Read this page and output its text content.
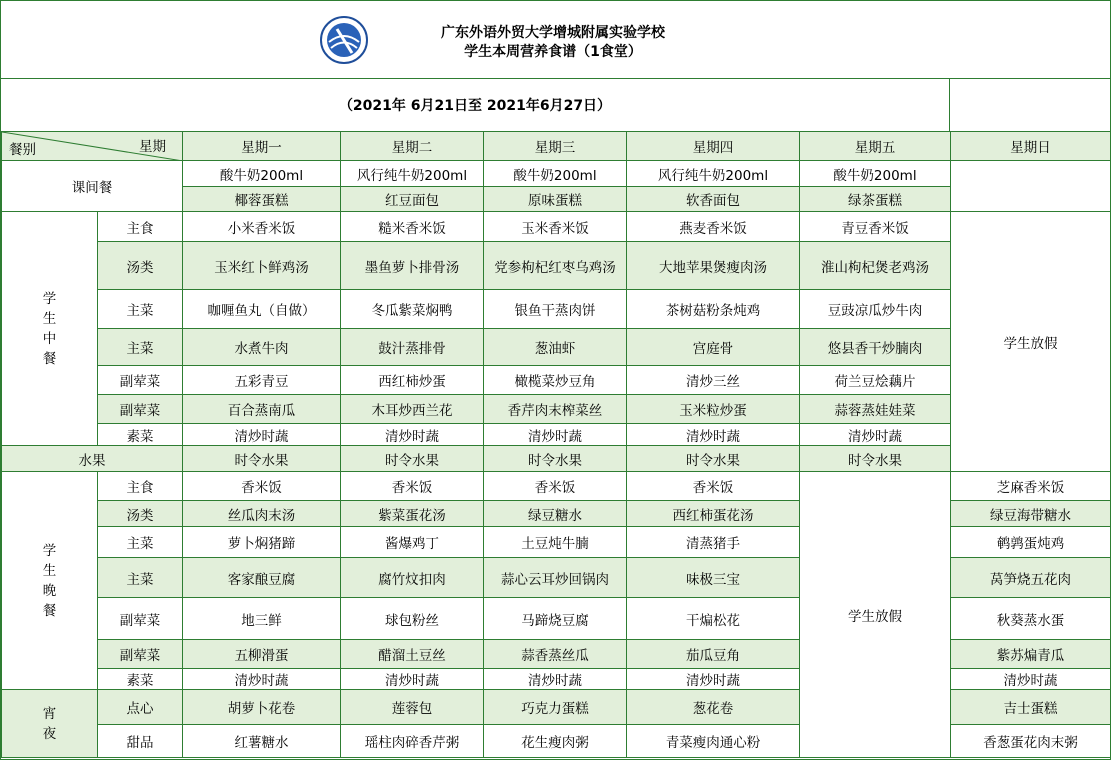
广东外语外贸大学增城附属实验学校
学生本周营养食谱（1食堂）
（2021年 6月21日至 2021年6月27日）
餐别 星期		星期一	星期二	星期三	星期四	星期五	星期日
课间餐		酸牛奶200ml	风行纯牛奶200ml	酸牛奶200ml	风行纯牛奶200ml	酸牛奶200ml	
		椰蓉蛋糕	红豆面包	原味蛋糕	软香面包	绿茶蛋糕	
学生中餐	主食	小米香米饭	糙米香米饭	玉米香米饭	燕麦香米饭	青豆香米饭	学生放假
	汤类	玉米红卜鲜鸡汤	墨鱼萝卜排骨汤	党参枸杞红枣乌鸡汤	大地苹果煲瘦肉汤	淮山枸杞煲老鸡汤	
	主菜	咖喱鱼丸（自做）	冬瓜紫菜焖鸭	银鱼干蒸肉饼	茶树菇粉条炖鸡	豆豉凉瓜炒牛肉	
	主菜	水煮牛肉	鼓汁蒸排骨	葱油虾	宫庭骨	悠县香干炒腩肉	
	副荤菜	五彩青豆	西红柿炒蛋	橄榄菜炒豆角	清炒三丝	荷兰豆烩藕片	
	副荤菜	百合蒸南瓜	木耳炒西兰花	香芹肉末榨菜丝	玉米粒炒蛋	蒜蓉蒸娃娃菜	
	素菜	清炒时蔬	清炒时蔬	清炒时蔬	清炒时蔬	清炒时蔬	
水果		时令水果	时令水果	时令水果	时令水果	时令水果	
学生晚餐	主食	香米饭	香米饭	香米饭	香米饭	学生放假	芝麻香米饭
	汤类	丝瓜肉末汤	紫菜蛋花汤	绿豆糖水	西红柿蛋花汤		绿豆海带糖水
	主菜	萝卜焖猪蹄	酱爆鸡丁	土豆炖牛腩	清蒸猪手		鹌鹑蛋炖鸡
	主菜	客家酿豆腐	腐竹炆扣肉	蒜心云耳炒回锅肉	味极三宝		莴笋烧五花肉
	副荤菜	地三鲜	球包粉丝	马蹄烧豆腐	干煸松花		秋葵蒸水蛋
	副荤菜	五柳滑蛋	醋溜土豆丝	蒜香蒸丝瓜	茄瓜豆角		紫苏煸青瓜
	素菜	清炒时蔬	清炒时蔬	清炒时蔬	清炒时蔬		清炒时蔬
宵夜	点心	胡萝卜花卷	莲蓉包	巧克力蛋糕	葱花卷		吉士蛋糕
	甜品	红薯糖水	瑶柱肉碎香芹粥	花生瘦肉粥	青菜瘦肉通心粉		香葱蛋花肉末粥
